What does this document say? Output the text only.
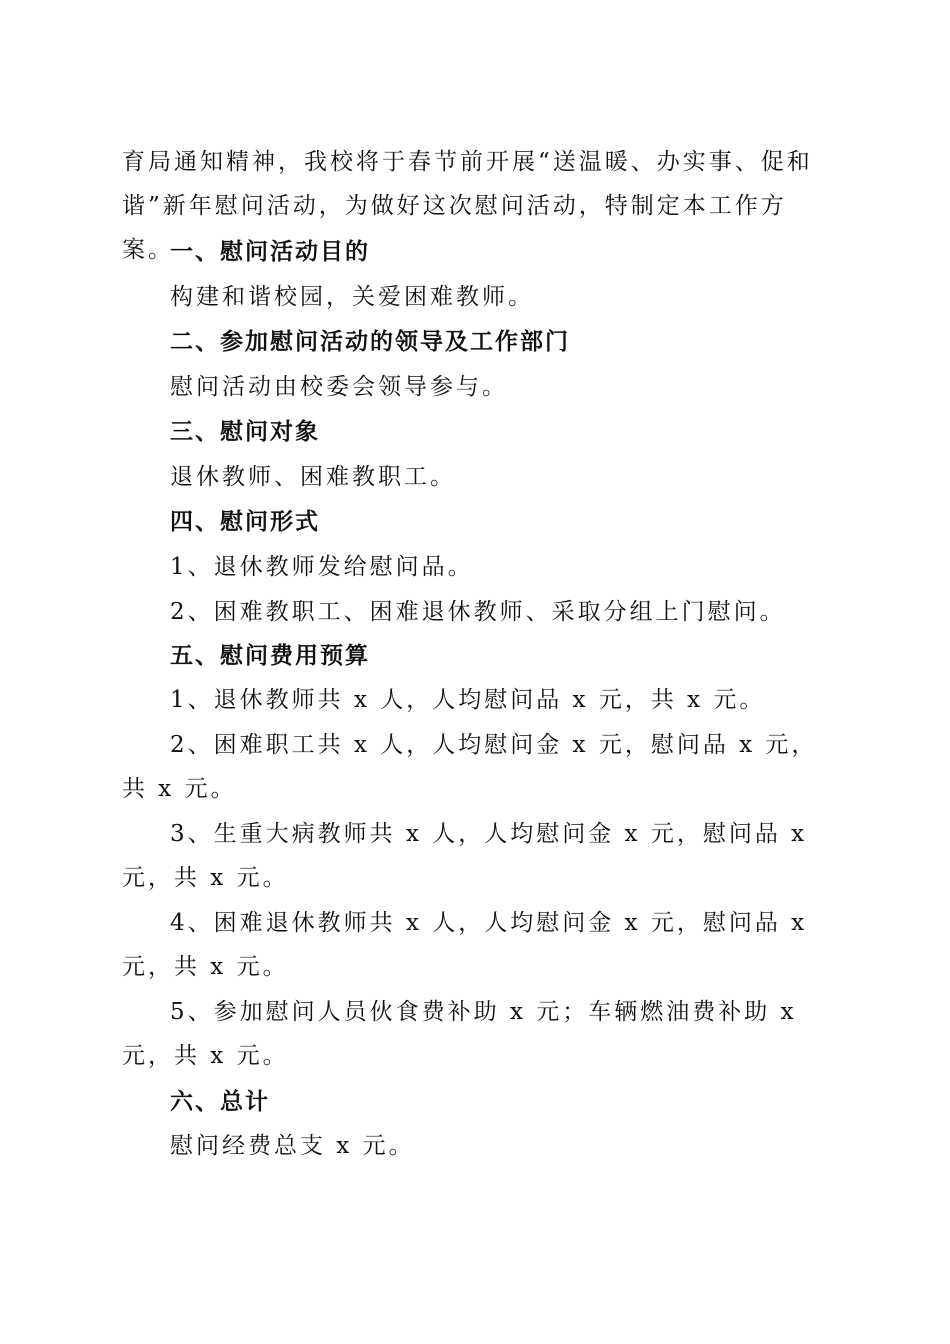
育局通知精神，我校将于春节前开展“送温暖、办实事、促和
谐”新年慰问活动，为做好这次慰问活动，特制定本工作方案。
一、慰问活动目的
构建和谐校园，关爱困难教师。
二、参加慰问活动的领导及工作部门
慰问活动由校委会领导参与。
三、慰问对象
退休教师、困难教职工。
四、慰问形式
1、退休教师发给慰问品。
2、困难教职工、困难退休教师、采取分组上门慰问。
五、慰问费用预算
1、退休教师共 x 人，人均慰问品 x 元，共 x 元。
2、困难职工共 x 人，人均慰问金 x 元，慰问品 x 元，共 x 元。
3、生重大病教师共 x 人，人均慰问金 x 元，慰问品 x 元，共 x 元。
4、困难退休教师共 x 人，人均慰问金 x 元，慰问品 x 元，共 x 元。
5、参加慰问人员伙食费补助 x 元；车辆燃油费补助 x 元，共 x 元。
六、总计
慰问经费总支 x 元。
